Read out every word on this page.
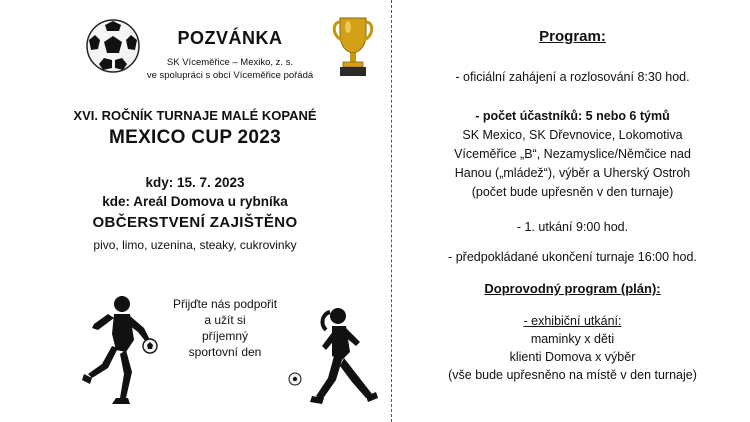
POZVÁNKA
SK Víceměřice – Mexiko, z. s.
ve spolupráci s obcí Víceměřice pořádá
XVI. ROČNÍK TURNAJE MALÉ KOPANÉ
MEXICO CUP 2023
kdy: 15. 7. 2023
kde: Areál Domova u rybníka
OBČERSTVENÍ ZAJIŠTĚNO
pivo, limo, uzenina, steaky, cukrovinky
Přijďte nás podpořit
a užít si
příjemný
sportovní den
Program:
- oficiální zahájení a rozlosování 8:30 hod.
- počet účastníků: 5 nebo 6 týmů
SK Mexico, SK Dřevnovice, Lokomotiva
Víceměřice „B“, Nezamyslice/Němčice nad
Hanou („mládež“), výběr a Uherský Ostroh
(počet bude upřesněn v den turnaje)
- 1. utkání 9:00 hod.
- předpokládané ukončení turnaje 16:00 hod.
Doprovodný program (plán):
- exhibiční utkání:
maminky x děti
klienti Domova x výběr
(vše bude upřesněno na místě v den turnaje)
